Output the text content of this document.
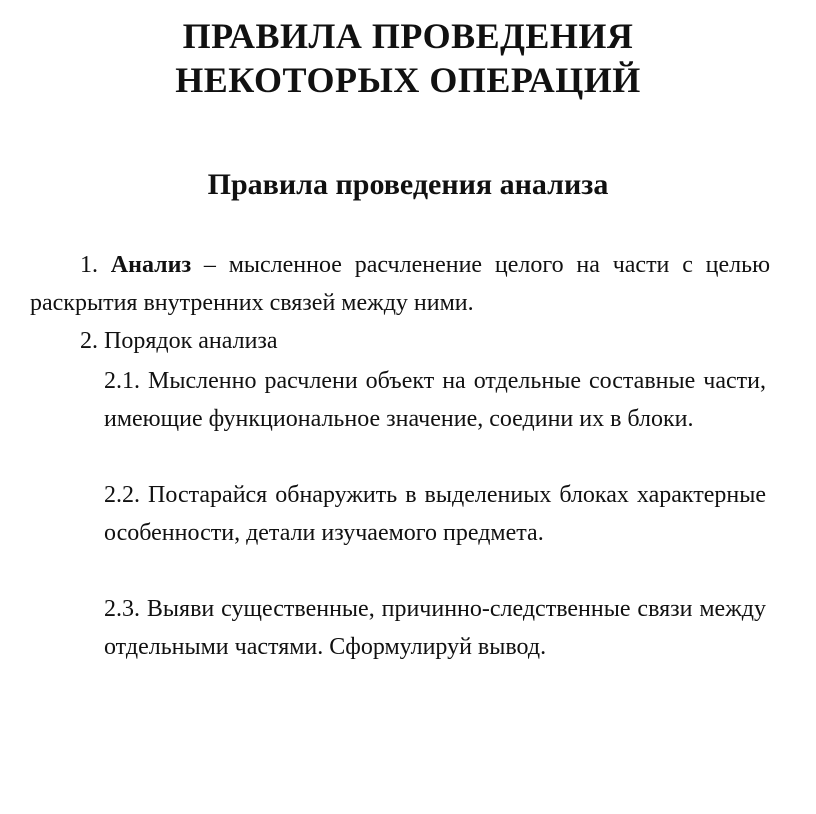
ПРАВИЛА ПРОВЕДЕНИЯ
НЕКОТОРЫХ ОПЕРАЦИЙ
Правила проведения анализа

1. Анализ – мысленное расчленение целого на части с целью раскрытия внутренних связей между ними.

2. Порядок анализа

2.1. Мысленно расчлени объект на отдельные составные части, имеющие функциональное значение, соедини их в блоки.

2.2. Постарайся обнаружить в выделениых блоках характерные особенности, детали изучаемого предмета.

2.3. Выяви существенные, причинно-следственные связи между отдельными частями. Сформулируй вывод.
